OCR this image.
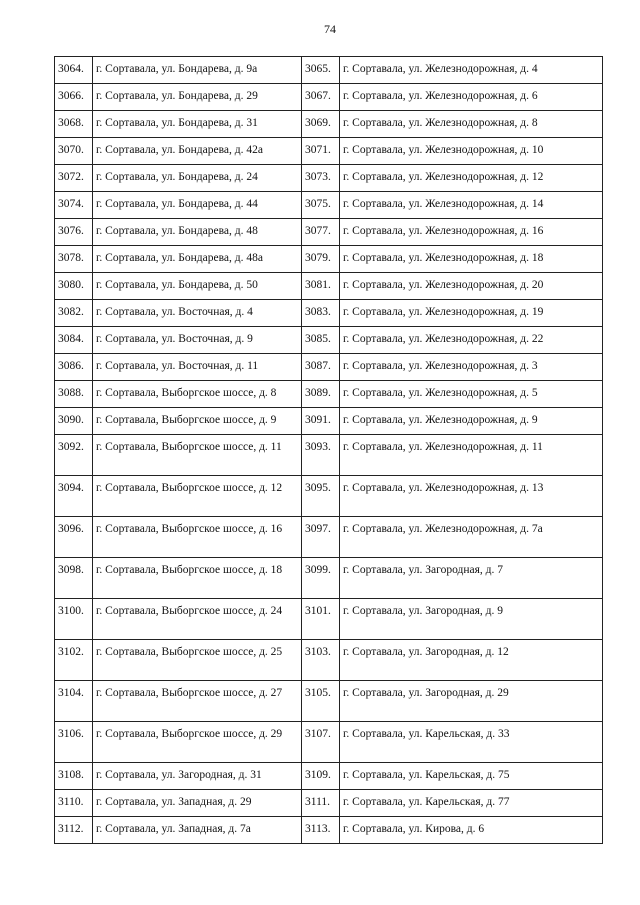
74
3064.	г. Сортавала, ул. Бондарева, д. 9а	3065.	г. Сортавала, ул. Железнодорожная, д. 4
3066.	г. Сортавала, ул. Бондарева, д. 29	3067.	г. Сортавала, ул. Железнодорожная, д. 6
3068.	г. Сортавала, ул. Бондарева, д. 31	3069.	г. Сортавала, ул. Железнодорожная, д. 8
3070.	г. Сортавала, ул. Бондарева, д. 42а	3071.	г. Сортавала, ул. Железнодорожная, д. 10
3072.	г. Сортавала, ул. Бондарева, д. 24	3073.	г. Сортавала, ул. Железнодорожная, д. 12
3074.	г. Сортавала, ул. Бондарева, д. 44	3075.	г. Сортавала, ул. Железнодорожная, д. 14
3076.	г. Сортавала, ул. Бондарева, д. 48	3077.	г. Сортавала, ул. Железнодорожная, д. 16
3078.	г. Сортавала, ул. Бондарева, д. 48а	3079.	г. Сортавала, ул. Железнодорожная, д. 18
3080.	г. Сортавала, ул. Бондарева, д. 50	3081.	г. Сортавала, ул. Железнодорожная, д. 20
3082.	г. Сортавала, ул. Восточная, д. 4	3083.	г. Сортавала, ул. Железнодорожная, д. 19
3084.	г. Сортавала, ул. Восточная, д. 9	3085.	г. Сортавала, ул. Железнодорожная, д. 22
3086.	г. Сортавала, ул. Восточная, д. 11	3087.	г. Сортавала, ул. Железнодорожная, д. 3
3088.	г. Сортавала, Выборгское шоссе, д. 8	3089.	г. Сортавала, ул. Железнодорожная, д. 5
3090.	г. Сортавала, Выборгское шоссе, д. 9	3091.	г. Сортавала, ул. Железнодорожная, д. 9
3092.	г. Сортавала, Выборгское шоссе, д. 11	3093.	г. Сортавала, ул. Железнодорожная, д. 11
3094.	г. Сортавала, Выборгское шоссе, д. 12	3095.	г. Сортавала, ул. Железнодорожная, д. 13
3096.	г. Сортавала, Выборгское шоссе, д. 16	3097.	г. Сортавала, ул. Железнодорожная, д. 7а
3098.	г. Сортавала, Выборгское шоссе, д. 18	3099.	г. Сортавала, ул. Загородная, д. 7
3100.	г. Сортавала, Выборгское шоссе, д. 24	3101.	г. Сортавала, ул. Загородная, д. 9
3102.	г. Сортавала, Выборгское шоссе, д. 25	3103.	г. Сортавала, ул. Загородная, д. 12
3104.	г. Сортавала, Выборгское шоссе, д. 27	3105.	г. Сортавала, ул. Загородная, д. 29
3106.	г. Сортавала, Выборгское шоссе, д. 29	3107.	г. Сортавала, ул. Карельская, д. 33
3108.	г. Сортавала, ул. Загородная, д. 31	3109.	г. Сортавала, ул. Карельская, д. 75
3110.	г. Сортавала, ул. Западная, д. 29	3111.	г. Сортавала, ул. Карельская, д. 77
3112.	г. Сортавала, ул. Западная, д. 7а	3113.	г. Сортавала, ул. Кирова, д. 6
